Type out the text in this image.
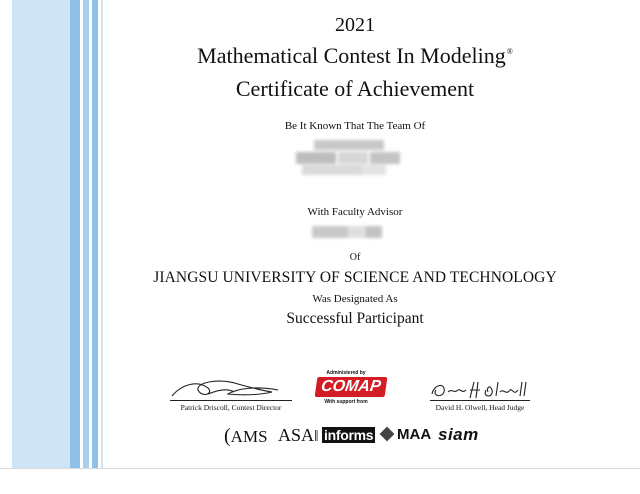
2021
Mathematical Contest In Modeling®
Certificate of Achievement
Be It Known That The Team Of
With Faculty Advisor
Of
JIANGSU UNIVERSITY OF SCIENCE AND TECHNOLOGY
Was Designated As
Successful Participant
Patrick Driscoll, Contest Director	David H. Olwell, Head Judge
Administered by
COMAP
With support from
(AMS ASAǁ informs	MAA siam
